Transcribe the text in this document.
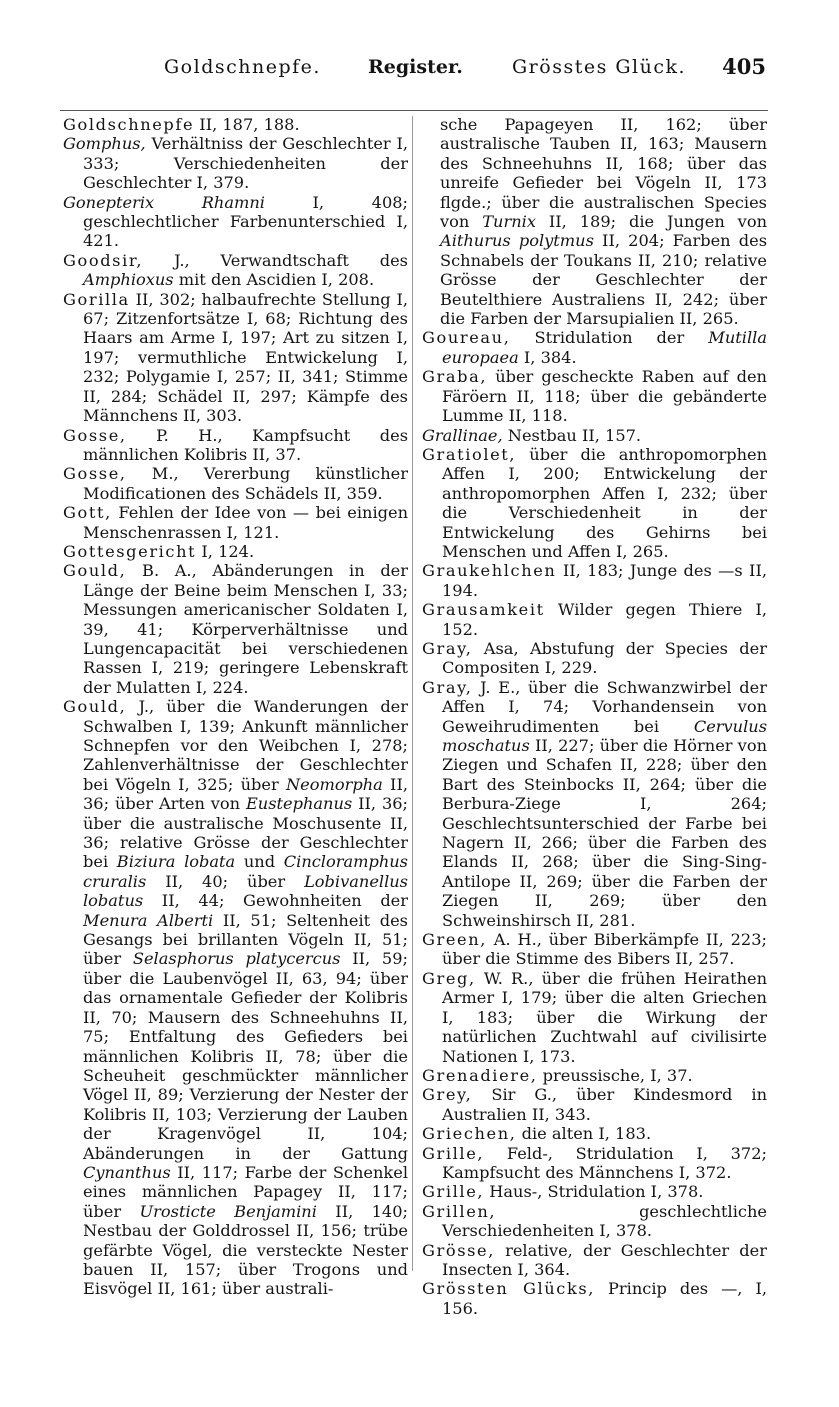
Goldschnepfe. Register.	Grösstes Glück. 405

Goldschnepfe II, 187, 188.

Gomphus, Verhältniss der Geschlechter I, 333; Verschiedenheiten der Geschlechter I, 379.

Gonepterix Rhamni I, 408; geschlechtlicher Farbenunterschied I, 421.

Goodsir, J., Verwandtschaft des Amphioxus mit den Ascidien I, 208.

Gorilla II, 302; halbaufrechte Stellung I, 67; Zitzenfortsätze I, 68; Richtung des Haars am Arme I, 197; Art zu sitzen I, 197; vermuthliche Entwickelung I, 232; Polygamie I, 257; II, 341; Stimme II, 284; Schädel II, 297; Kämpfe des Männchens II, 303.

Gosse, P. H., Kampfsucht des männlichen Kolibris II, 37.

Gosse, M., Vererbung künstlicher Modificationen des Schädels II, 359.

Gott, Fehlen der Idee von — bei einigen Menschenrassen I, 121.

Gottesgericht I, 124.

Gould, B. A., Abänderungen in der Länge der Beine beim Menschen I, 33; Messungen americanischer Soldaten I, 39, 41; Körperverhältnisse und Lungencapacität bei verschiedenen Rassen I, 219; geringere Lebenskraft der Mulatten I, 224.

Gould, J., über die Wanderungen der Schwalben I, 139; Ankunft männlicher Schnepfen vor den Weibchen I, 278; Zahlenverhältnisse der Geschlechter bei Vögeln I, 325; über Neomorpha II, 36; über Arten von Eustephanus II, 36; über die australische Moschusente II, 36; relative Grösse der Geschlechter bei Biziura lobata und Cincloramphus cruralis II, 40; über Lobivanellus lobatus II, 44; Gewohnheiten der Menura Alberti II, 51; Seltenheit des Gesangs bei brillanten Vögeln II, 51; über Selasphorus platycercus II, 59; über die Laubenvögel II, 63, 94; über das ornamentale Gefieder der Kolibris II, 70; Mausern des Schneehuhns II, 75; Entfaltung des Gefieders bei männlichen Kolibris II, 78; über die Scheuheit geschmückter männlicher Vögel II, 89; Verzierung der Nester der Kolibris II, 103; Verzierung der Lauben der Kragenvögel II, 104; Abänderungen in der Gattung Cynanthus II, 117; Farbe der Schenkel eines männlichen Papagey II, 117; über Urosticte Benjamini II, 140; Nestbau der Golddrossel II, 156; trübe gefärbte Vögel, die versteckte Nester bauen II, 157; über Trogons und Eisvögel II, 161; über australi-

sche Papageyen II, 162; über australische Tauben II, 163; Mausern des Schneehuhns II, 168; über das unreife Gefieder bei Vögeln II, 173 flgde.; über die australischen Species von Turnix II, 189; die Jungen von Aithurus polytmus II, 204; Farben des Schnabels der Toukans II, 210; relative Grösse der Geschlechter der Beutelthiere Australiens II, 242; über die Farben der Marsupialien II, 265.

Goureau, Stridulation der Mutilla europaea I, 384.

Graba, über gescheckte Raben auf den Färöern II, 118; über die gebänderte Lumme II, 118.

Grallinae, Nestbau II, 157.

Gratiolet, über die anthropomorphen Affen I, 200; Entwickelung der anthropomorphen Affen I, 232; über die Verschiedenheit in der Entwickelung des Gehirns bei Menschen und Affen I, 265.

Graukehlchen II, 183; Junge des —s II, 194.

Grausamkeit Wilder gegen Thiere I, 152.

Gray, Asa, Abstufung der Species der Compositen I, 229.

Gray, J. E., über die Schwanzwirbel der Affen I, 74; Vorhandensein von Geweihrudimenten bei Cervulus moschatus II, 227; über die Hörner von Ziegen und Schafen II, 228; über den Bart des Steinbocks II, 264; über die Berbura-Ziege I, 264; Geschlechtsunterschied der Farbe bei Nagern II, 266; über die Farben des Elands II, 268; über die Sing-Sing-Antilope II, 269; über die Farben der Ziegen II, 269; über den Schweinshirsch II, 281.

Green, A. H., über Biberkämpfe II, 223; über die Stimme des Bibers II, 257.

Greg, W. R., über die frühen Heirathen Armer I, 179; über die alten Griechen I, 183; über die Wirkung der natürlichen Zuchtwahl auf civilisirte Nationen I, 173.

Grenadiere, preussische, I, 37.

Grey, Sir G., über Kindesmord in Australien II, 343.

Griechen, die alten I, 183.

Grille, Feld-, Stridulation I, 372; Kampfsucht des Männchens I, 372.

Grille, Haus-, Stridulation I, 378.

Grillen, geschlechtliche Verschiedenheiten I, 378.

Grösse, relative, der Geschlechter der Insecten I, 364.

Grössten Glücks, Princip des —, I, 156.
